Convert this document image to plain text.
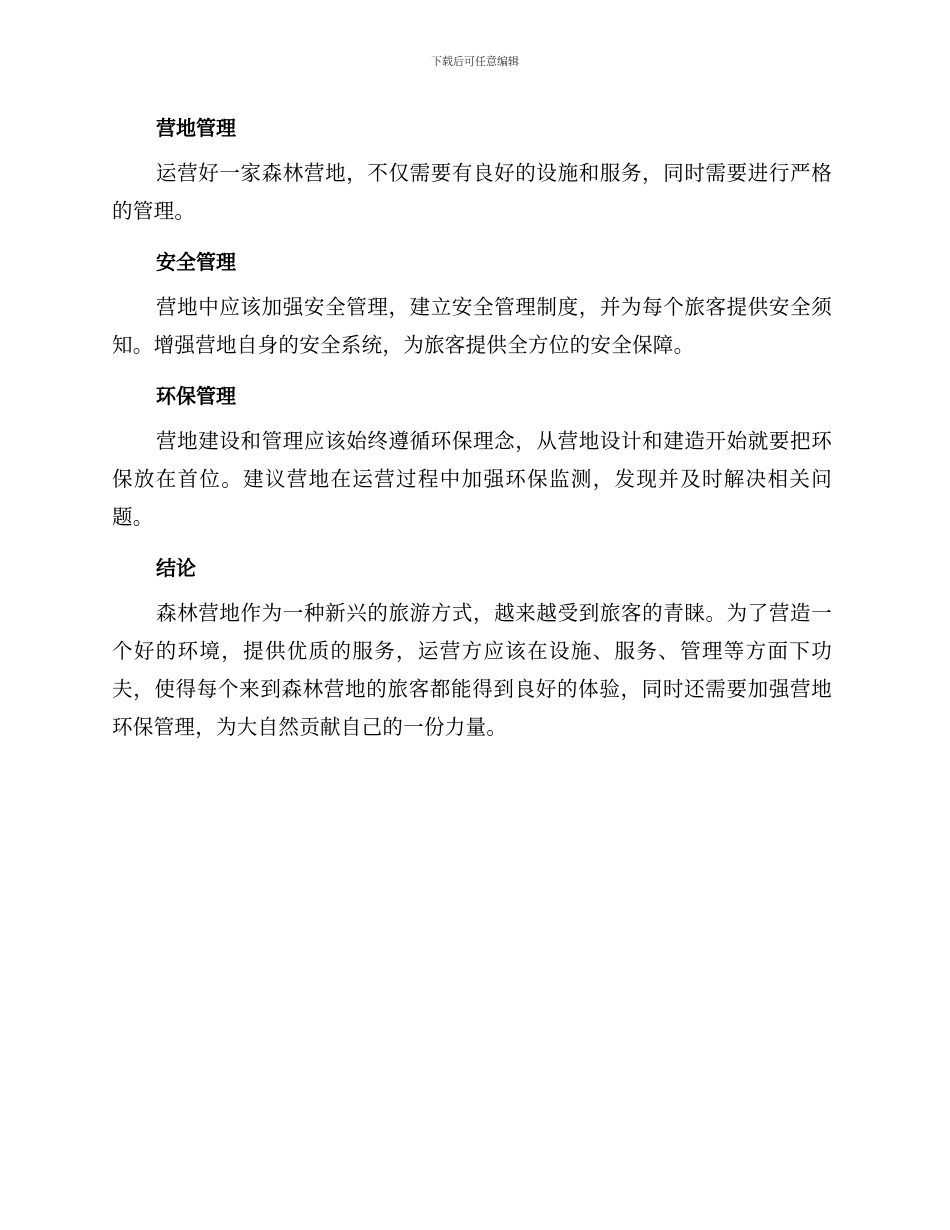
下载后可任意编辑
营地管理

运营好一家森林营地，不仅需要有良好的设施和服务，同时需要进行严格的管理。

安全管理

营地中应该加强安全管理，建立安全管理制度，并为每个旅客提供安全须知。增强营地自身的安全系统，为旅客提供全方位的安全保障。

环保管理

营地建设和管理应该始终遵循环保理念，从营地设计和建造开始就要把环保放在首位。建议营地在运营过程中加强环保监测，发现并及时解决相关问题。

结论

森林营地作为一种新兴的旅游方式，越来越受到旅客的青睐。为了营造一个好的环境，提供优质的服务，运营方应该在设施、服务、管理等方面下功夫，使得每个来到森林营地的旅客都能得到良好的体验，同时还需要加强营地环保管理，为大自然贡献自己的一份力量。
